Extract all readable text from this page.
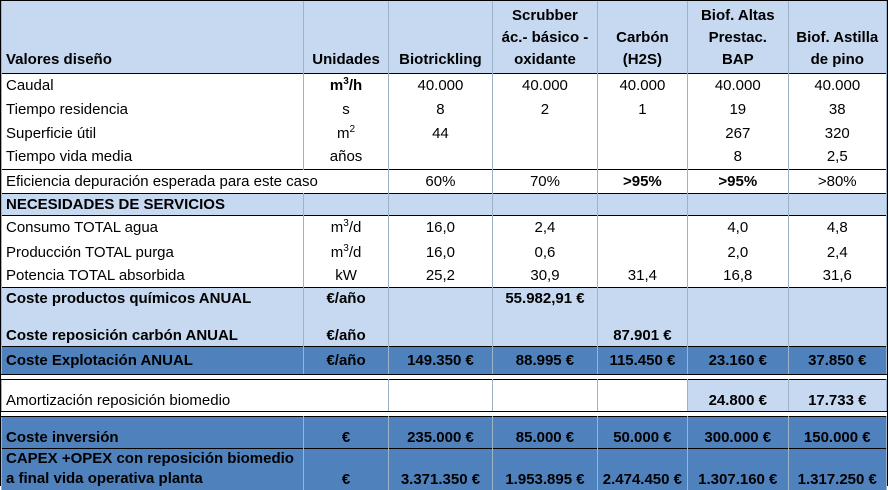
Valores diseño	Unidades	Biotrickling	Scrubber ác.- básico - oxidante	Carbón (H2S)	Biof. Altas Prestac. BAP	Biof. Astilla de pino
Caudal	$m^3/h$	40.000	40.000	40.000	40.000	40.000
Tiempo residencia	s	8	2	1	19	38
Superficie útil	$m^2$	44			267	320
Tiempo vida media	años				8	2,5
Eficiencia depuración esperada para este caso		60%	70%	>95%	>95%	>80%
NECESIDADES DE SERVICIOS						
Consumo TOTAL agua	$m^3/d$	16,0	2,4		4,0	4,8
Producción TOTAL purga	$m^3/d$	16,0	0,6		2,0	2,4
Potencia TOTAL absorbida	kW	25,2	30,9	31,4	16,8	31,6
Coste productos químicos ANUAL	€/año		55.982,91 €			
Coste reposición carbón ANUAL	€/año			87.901 €		
Coste Explotación ANUAL	€/año	149.350 €	88.995 €	115.450 €	23.160 €	37.850 €

Amortización reposición biomedio					24.800 €	17.733 €

Coste inversión	€	235.000 €	85.000 €	50.000 €	300.000 €	150.000 €

CAPEX +OPEX con reposición biomedio
a final vida operativa planta	€	3.371.350 €	1.953.895 €	2.474.450 €	1.307.160 €	1.317.250 €
